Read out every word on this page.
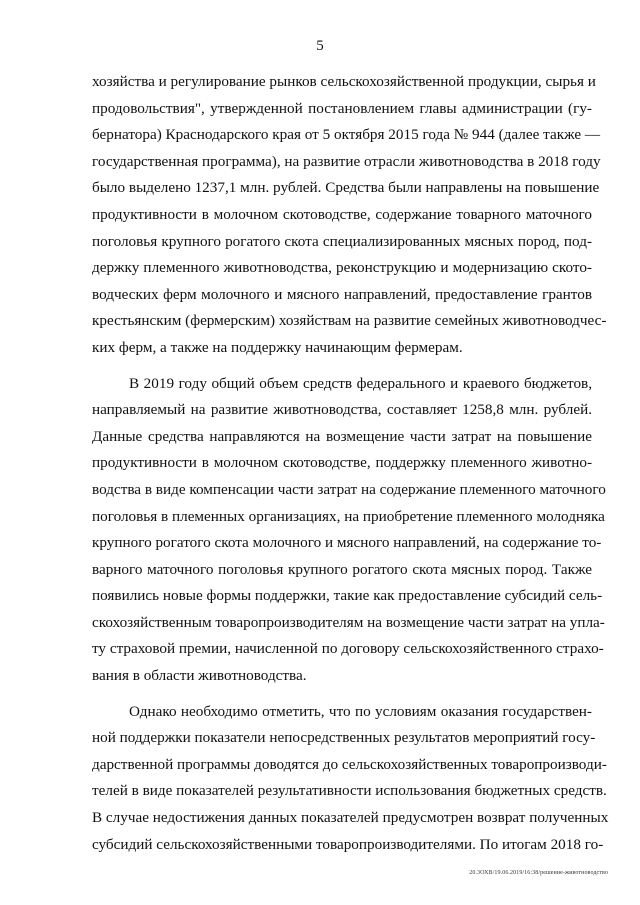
5
хозяйства и регулирование рынков сельскохозяйственной продукции, сырья и
продовольствия", утвержденной постановлением главы администрации (гу-
бернатора) Краснодарского края от 5 октября 2015 года № 944 (далее также —
государственная программа), на развитие отрасли животноводства в 2018 году
было выделено 1237,1 млн. рублей. Средства были направлены на повышение
продуктивности в молочном скотоводстве, содержание товарного маточного
поголовья крупного рогатого скота специализированных мясных пород, под-
держку племенного животноводства, реконструкцию и модернизацию ското-
водческих ферм молочного и мясного направлений, предоставление грантов
крестьянским (фермерским) хозяйствам на развитие семейных животноводчес-
ких ферм, а также на поддержку начинающим фермерам.
В 2019 году общий объем средств федерального и краевого бюджетов,
направляемый на развитие животноводства, составляет 1258,8 млн. рублей.
Данные средства направляются на возмещение части затрат на повышение
продуктивности в молочном скотоводстве, поддержку племенного животно-
водства в виде компенсации части затрат на содержание племенного маточного
поголовья в племенных организациях, на приобретение племенного молодняка
крупного рогатого скота молочного и мясного направлений, на содержание то-
варного маточного поголовья крупного рогатого скота мясных пород. Также
появились новые формы поддержки, такие как предоставление субсидий сель-
скохозяйственным товаропроизводителям на возмещение части затрат на упла-
ту страховой премии, начисленной по договору сельскохозяйственного страхо-
вания в области животноводства.
Однако необходимо отметить, что по условиям оказания государствен-
ной поддержки показатели непосредственных результатов мероприятий госу-
дарственной программы доводятся до сельскохозяйственных товаропроизводи-
телей в виде показателей результативности использования бюджетных средств.
В случае недостижения данных показателей предусмотрен возврат полученных
субсидий сельскохозяйственными товаропроизводителями. По итогам 2018 го-
20.3ОХВ/19.06.2019/16:38/решение-животноводство
